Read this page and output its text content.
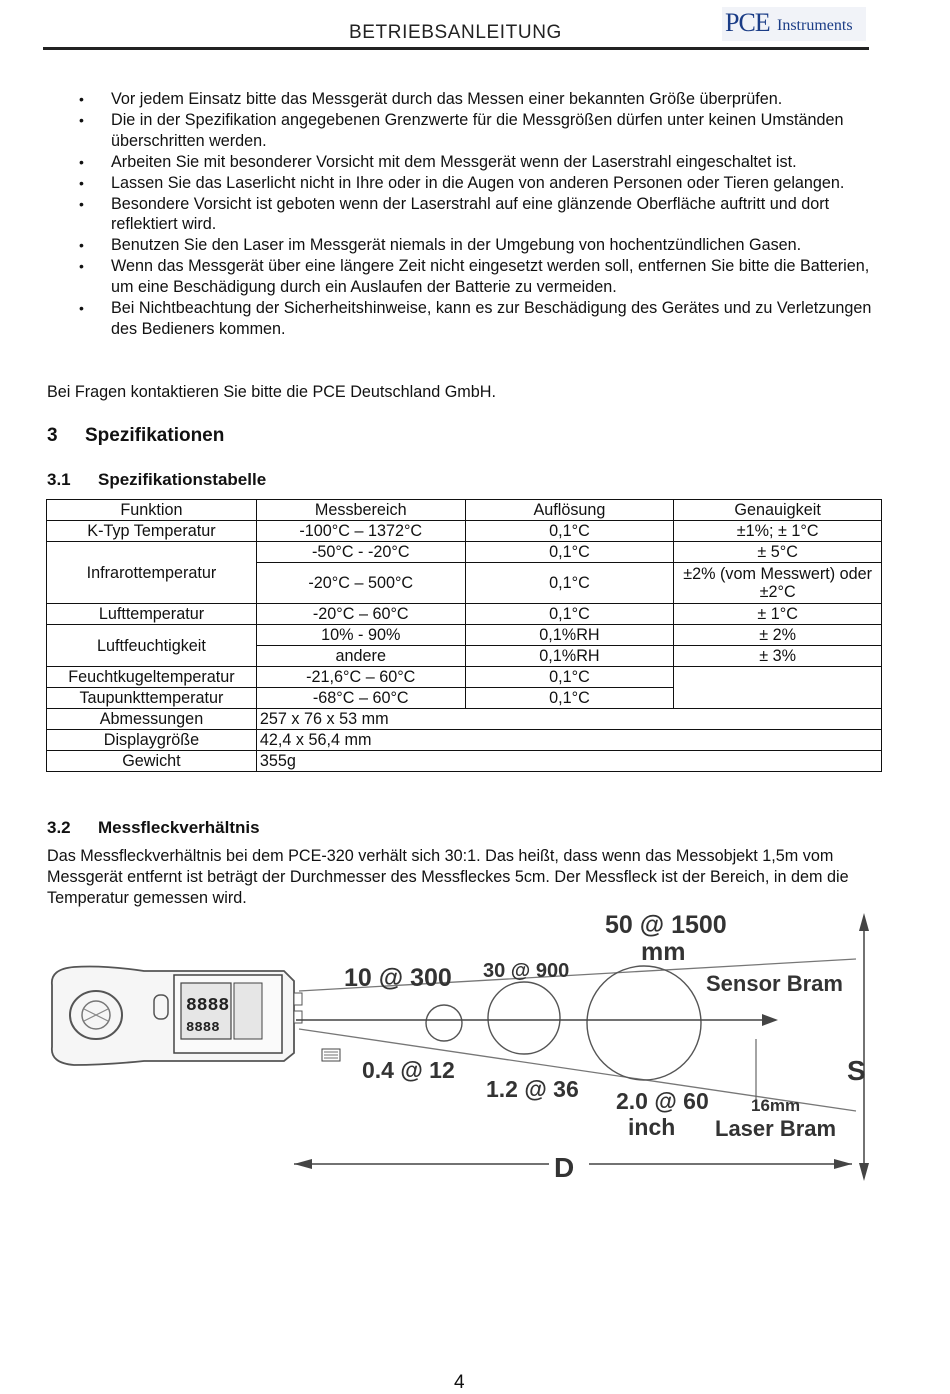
BETRIEBSANLEITUNG	PCE Instruments
• Vor jedem Einsatz bitte das Messgerät durch das Messen einer bekannten Größe überprüfen.
• Die in der Spezifikation angegebenen Grenzwerte für die Messgrößen dürfen unter keinen Umständen überschritten werden.
• Arbeiten Sie mit besonderer Vorsicht mit dem Messgerät wenn der Laserstrahl eingeschaltet ist.
• Lassen Sie das Laserlicht nicht in Ihre oder in die Augen von anderen Personen oder Tieren gelangen.
• Besondere Vorsicht ist geboten wenn der Laserstrahl auf eine glänzende Oberfläche auftritt und dort reflektiert wird.
• Benutzen Sie den Laser im Messgerät niemals in der Umgebung von hochentzündlichen Gasen.
• Wenn das Messgerät über eine längere Zeit nicht eingesetzt werden soll, entfernen Sie bitte die Batterien, um eine Beschädigung durch ein Auslaufen der Batterie zu vermeiden.
• Bei Nichtbeachtung der Sicherheitshinweise, kann es zur Beschädigung des Gerätes und zu Verletzungen des Bedieners kommen.
Bei Fragen kontaktieren Sie bitte die PCE Deutschland GmbH.
3 Spezifikationen
3.1 Spezifikationstabelle
Funktion	Messbereich	Auflösung	Genauigkeit
K-Typ Temperatur	-100°C – 1372°C	0,1°C	±1%; ± 1°C
Infrarottemperatur	-50°C - -20°C	0,1°C	± 5°C
	-20°C – 500°C	0,1°C	±2% (vom Messwert) oder ±2°C
Lufttemperatur	-20°C – 60°C	0,1°C	± 1°C
Luftfeuchtigkeit	10% - 90%	0,1%RH	± 2%
	andere	0,1%RH	± 3%
Feuchtkugeltemperatur	-21,6°C – 60°C	0,1°C	
Taupunkttemperatur	-68°C – 60°C	0,1°C	
Abmessungen	257 x 76 x 53 mm		
Displaygröße	42,4 x 56,4 mm		
Gewicht	355g		
3.2 Messfleckverhältnis
Das Messfleckverhältnis bei dem PCE-320 verhält sich 30:1. Das heißt, dass wenn das Messobjekt 1,5m vom Messgerät entfernt ist beträgt der Durchmesser des Messfleckes 5cm. Der Messfleck ist der Bereich, in dem die Temperatur gemessen wird.
8888
8888
50 @ 1500
mm
10 @ 300 30 @ 900	Sensor Bram
0.4 @ 12
1.2 @ 36 2.0 @ 60
inch
16mm
Laser Bram
S
D
4
